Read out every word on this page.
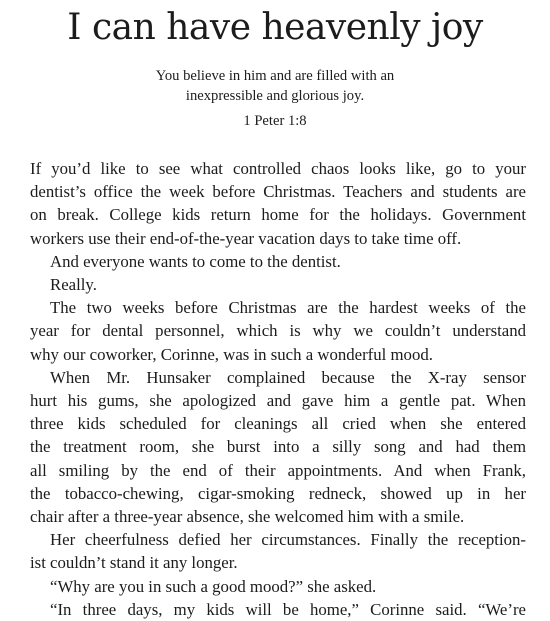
I can have heavenly joy
You believe in him and are filled with an
inexpressible and glorious joy.
1 Peter 1:8
If you’d like to see what controlled chaos looks like, go to your
dentist’s office the week before Christmas. Teachers and students are
on break. College kids return home for the holidays. Government
workers use their end-of-the-year vacation days to take time off.
And everyone wants to come to the dentist.
Really.
The two weeks before Christmas are the hardest weeks of the
year for dental personnel, which is why we couldn’t understand
why our coworker, Corinne, was in such a wonderful mood.
When Mr. Hunsaker complained because the X-ray sensor
hurt his gums, she apologized and gave him a gentle pat. When
three kids scheduled for cleanings all cried when she entered
the treatment room, she burst into a silly song and had them
all smiling by the end of their appointments. And when Frank,
the tobacco-chewing, cigar-smoking redneck, showed up in her
chair after a three-year absence, she welcomed him with a smile.
Her cheerfulness defied her circumstances. Finally the reception-
ist couldn’t stand it any longer.
“Why are you in such a good mood?” she asked.
“In three days, my kids will be home,” Corinne said. “We’re
